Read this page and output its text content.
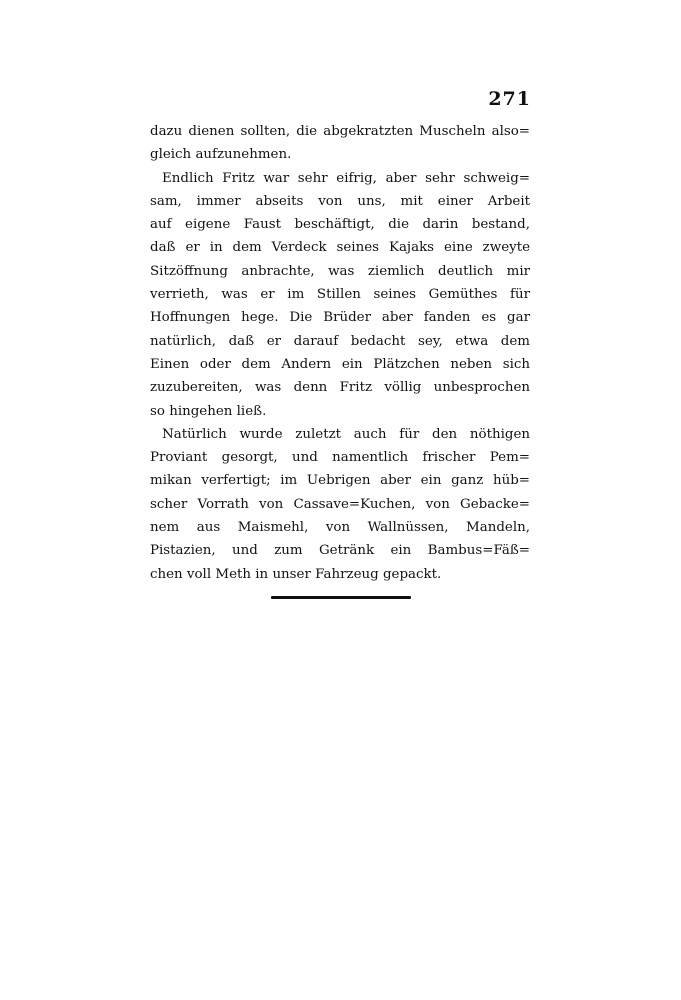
271
dazu dienen sollten, die abgekratzten Muscheln also=
gleich aufzunehmen.
Endlich Fritz war sehr eifrig, aber sehr schweig=
sam, immer abseits von uns, mit einer Arbeit
auf eigene Faust beschäftigt, die darin bestand,
daß er in dem Verdeck seines Kajaks eine zweyte
Sitzöffnung anbrachte, was ziemlich deutlich mir
verrieth, was er im Stillen seines Gemüthes für
Hoffnungen hege. Die Brüder aber fanden es gar
natürlich, daß er darauf bedacht sey, etwa dem
Einen oder dem Andern ein Plätzchen neben sich
zuzubereiten, was denn Fritz völlig unbesprochen
so hingehen ließ.
Natürlich wurde zuletzt auch für den nöthigen
Proviant gesorgt, und namentlich frischer Pem=
mikan verfertigt; im Uebrigen aber ein ganz hüb=
scher Vorrath von Cassave=Kuchen, von Gebacke=
nem aus Maismehl, von Wallnüssen, Mandeln,
Pistazien, und zum Getränk ein Bambus=Fäß=
chen voll Meth in unser Fahrzeug gepackt.
